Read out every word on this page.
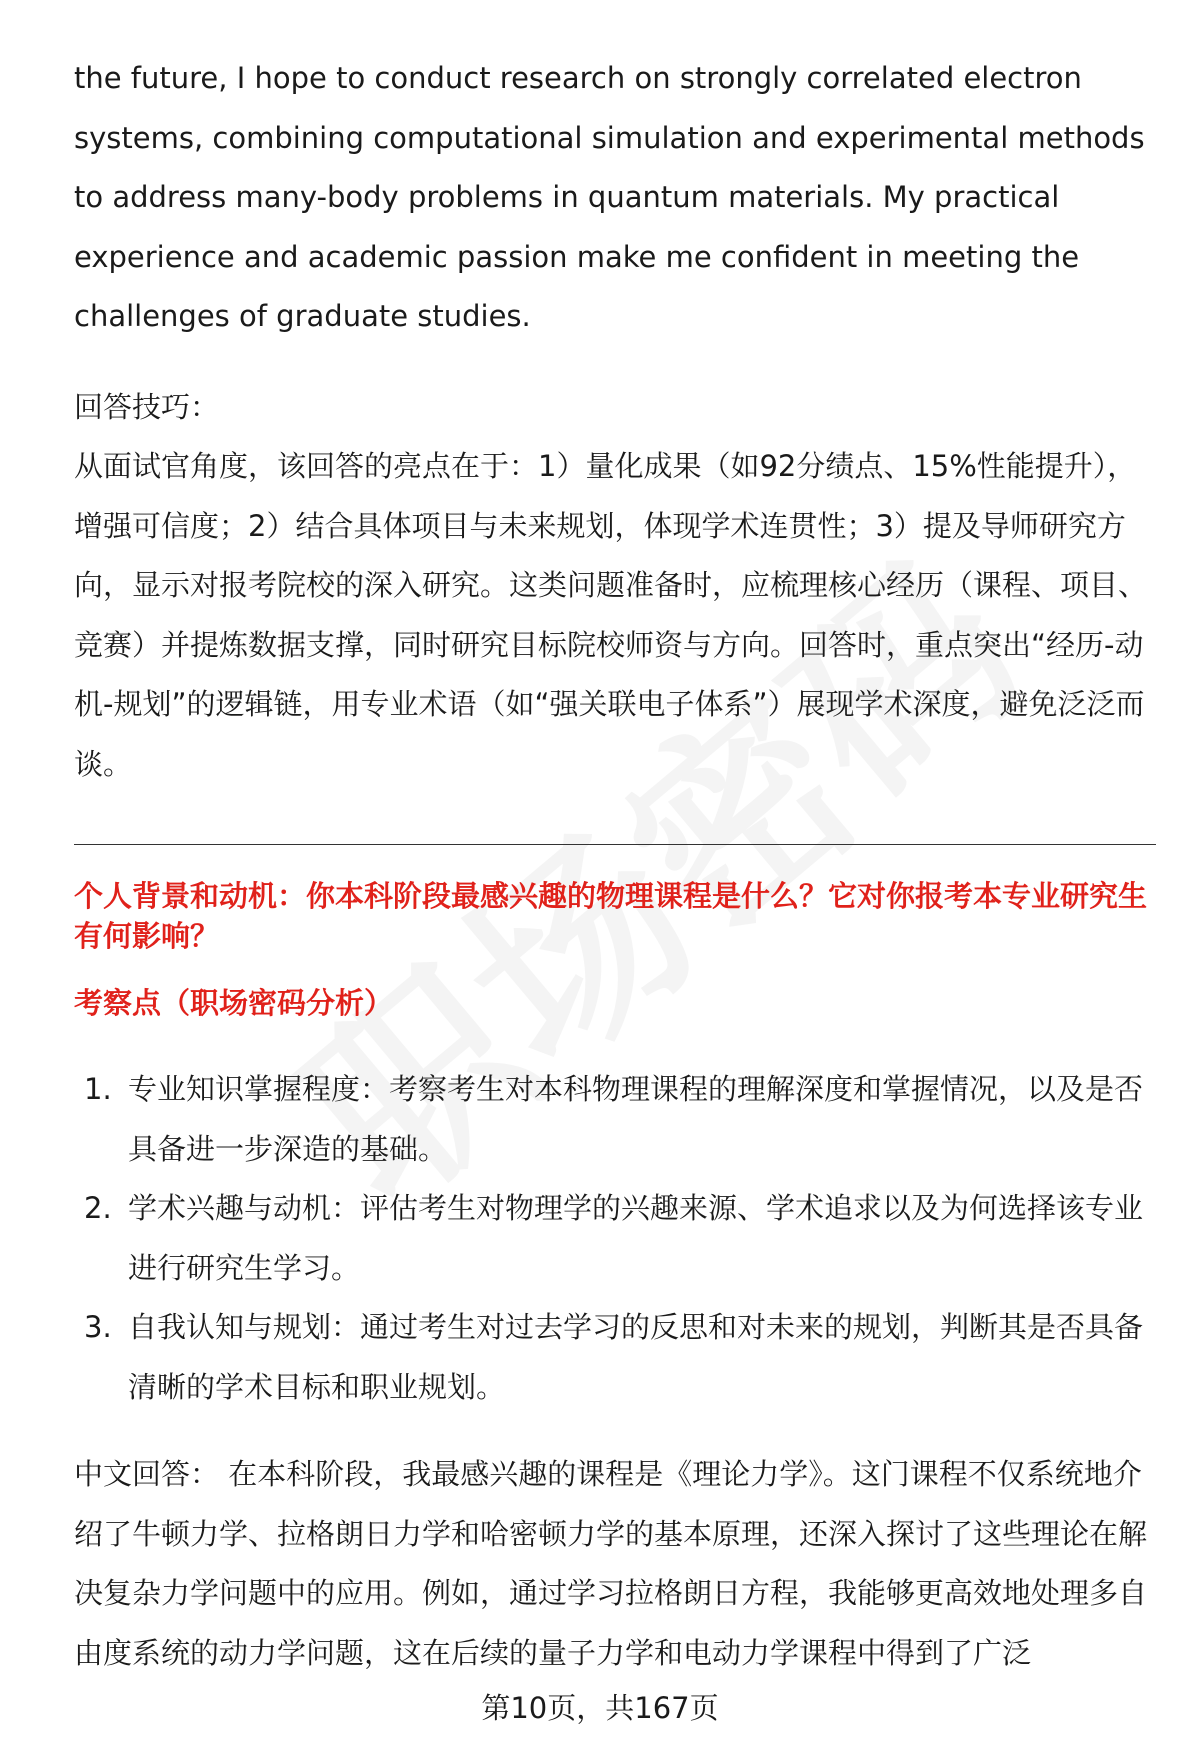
the future, I hope to conduct research on strongly correlated electron systems, combining computational simulation and experimental methods to address many-body problems in quantum materials. My practical experience and academic passion make me confident in meeting the challenges of graduate studies.

回答技巧：

从面试官角度，该回答的亮点在于：1）量化成果（如92分绩点、15%性能提升），增强可信度；2）结合具体项目与未来规划，体现学术连贯性；3）提及导师研究方向，显示对报考院校的深入研究。这类问题准备时，应梳理核心经历（课程、项目、竞赛）并提炼数据支撑，同时研究目标院校师资与方向。回答时，重点突出“经历-动机-规划”的逻辑链，用专业术语（如“强关联电子体系”）展现学术深度，避免泛泛而谈。

个人背景和动机：你本科阶段最感兴趣的物理课程是什么？它对你报考本专业研究生有何影响？

考察点（职场密码分析）

1. 专业知识掌握程度：考察考生对本科物理课程的理解深度和掌握情况，以及是否具备进一步深造的基础。
2. 学术兴趣与动机：评估考生对物理学的兴趣来源、学术追求以及为何选择该专业进行研究生学习。
3. 自我认知与规划：通过考生对过去学习的反思和对未来的规划，判断其是否具备清晰的学术目标和职业规划。

中文回答： 在本科阶段，我最感兴趣的课程是《理论力学》。这门课程不仅系统地介绍了牛顿力学、拉格朗日力学和哈密顿力学的基本原理，还深入探讨了这些理论在解决复杂力学问题中的应用。例如，通过学习拉格朗日方程，我能够更高效地处理多自由度系统的动力学问题，这在后续的量子力学和电动力学课程中得到了广泛

第10页，共167页
